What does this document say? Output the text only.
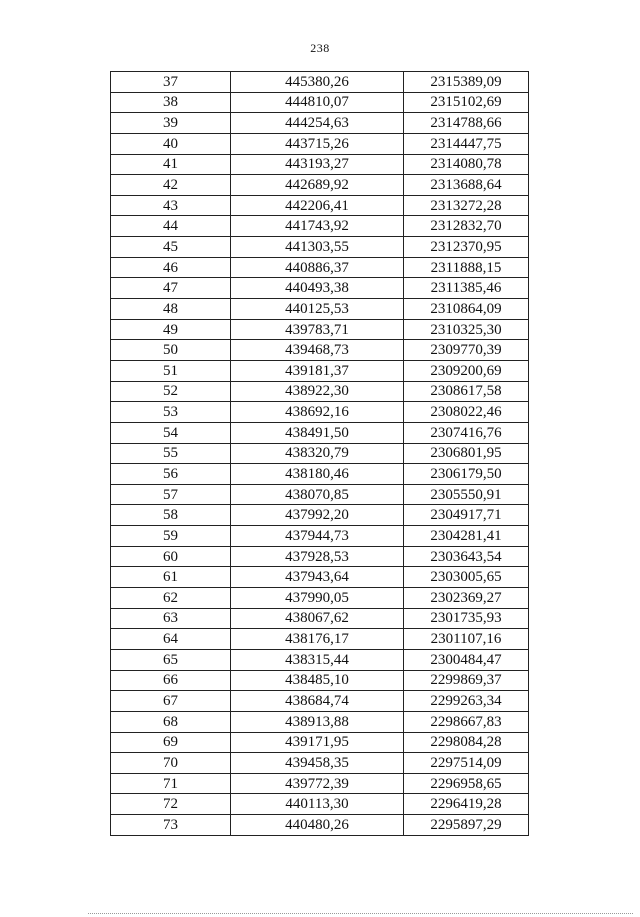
238
37	445380,26	2315389,09
38	444810,07	2315102,69
39	444254,63	2314788,66
40	443715,26	2314447,75
41	443193,27	2314080,78
42	442689,92	2313688,64
43	442206,41	2313272,28
44	441743,92	2312832,70
45	441303,55	2312370,95
46	440886,37	2311888,15
47	440493,38	2311385,46
48	440125,53	2310864,09
49	439783,71	2310325,30
50	439468,73	2309770,39
51	439181,37	2309200,69
52	438922,30	2308617,58
53	438692,16	2308022,46
54	438491,50	2307416,76
55	438320,79	2306801,95
56	438180,46	2306179,50
57	438070,85	2305550,91
58	437992,20	2304917,71
59	437944,73	2304281,41
60	437928,53	2303643,54
61	437943,64	2303005,65
62	437990,05	2302369,27
63	438067,62	2301735,93
64	438176,17	2301107,16
65	438315,44	2300484,47
66	438485,10	2299869,37
67	438684,74	2299263,34
68	438913,88	2298667,83
69	439171,95	2298084,28
70	439458,35	2297514,09
71	439772,39	2296958,65
72	440113,30	2296419,28
73	440480,26	2295897,29
